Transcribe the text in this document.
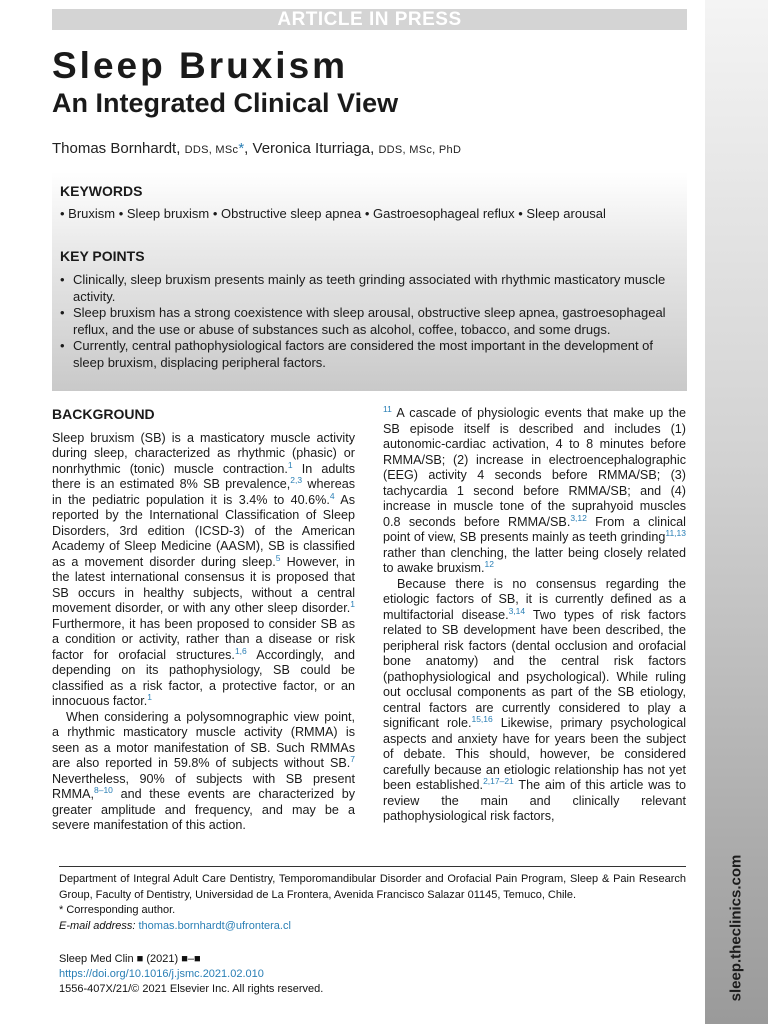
ARTICLE IN PRESS
sleep.theclinics.com
Sleep Bruxism
An Integrated Clinical View
Thomas Bornhardt, DDS, MSc*, Veronica Iturriaga, DDS, MSc, PhD
KEYWORDS
• Bruxism • Sleep bruxism • Obstructive sleep apnea • Gastroesophageal reflux • Sleep arousal
KEY POINTS
• Clinically, sleep bruxism presents mainly as teeth grinding associated with rhythmic masticatory muscle activity.
• Sleep bruxism has a strong coexistence with sleep arousal, obstructive sleep apnea, gastroesophageal reflux, and the use or abuse of substances such as alcohol, coffee, tobacco, and some drugs.
• Currently, central pathophysiological factors are considered the most important in the development of sleep bruxism, displacing peripheral factors.
BACKGROUND

Sleep bruxism (SB) is a masticatory muscle activity during sleep, characterized as rhythmic (phasic) or nonrhythmic (tonic) muscle contraction.$^1$ In adults there is an estimated 8% SB prevalence,$^{2,3}$ whereas in the pediatric population it is 3.4% to 40.6%.$^4$ As reported by the International Classification of Sleep Disorders, 3rd edition (ICSD-3) of the American Academy of Sleep Medicine (AASM), SB is classified as a movement disorder during sleep.$^5$ However, in the latest international consensus it is proposed that SB occurs in healthy subjects, without a central movement disorder, or with any other sleep disorder.$^1$ Furthermore, it has been proposed to consider SB as a condition or activity, rather than a disease or risk factor for orofacial structures.$^{1,6}$ Accordingly, and depending on its pathophysiology, SB could be classified as a risk factor, a protective factor, or an innocuous factor.$^1$

When considering a polysomnographic view point, a rhythmic masticatory muscle activity (RMMA) is seen as a motor manifestation of SB. Such RMMAs are also reported in 59.8% of subjects without SB.$^7$ Nevertheless, 90% of subjects with SB present RMMA,$^{8-10}$ and these events are characterized by greater amplitude and frequency, and may be a severe manifestation of this action.

$^{11}$ A cascade of physiologic events that make up the SB episode itself is described and includes (1) autonomic-cardiac activation, 4 to 8 minutes before RMMA/SB; (2) increase in electroencephalographic (EEG) activity 4 seconds before RMMA/SB; (3) tachycardia 1 second before RMMA/SB; and (4) increase in muscle tone of the suprahyoid muscles 0.8 seconds before RMMA/SB.$^{3,12}$ From a clinical point of view, SB presents mainly as teeth grinding$^{11,13}$ rather than clenching, the latter being closely related to awake bruxism.$^{12}$

Because there is no consensus regarding the etiologic factors of SB, it is currently defined as a multifactorial disease.$^{3,14}$ Two types of risk factors related to SB development have been described, the peripheral risk factors (dental occlusion and orofacial bone anatomy) and the central risk factors (pathophysiological and psychological). While ruling out occlusal components as part of the SB etiology, central factors are currently considered to play a significant role.$^{15,16}$ Likewise, primary psychological aspects and anxiety have for years been the subject of debate. This should, however, be considered carefully because an etiologic relationship has not yet been established.$^{2,17-21}$ The aim of this article was to review the main and clinically relevant pathophysiological risk factors,

Department of Integral Adult Care Dentistry, Temporomandibular Disorder and Orofacial Pain Program, Sleep & Pain Research Group, Faculty of Dentistry, Universidad de La Frontera, Avenida Francisco Salazar 01145, Temuco, Chile.

* Corresponding author.

E-mail address: thomas.bornhardt@ufrontera.cl

Sleep Med Clin ■ (2021) ■–■

https://doi.org/10.1016/j.jsmc.2021.02.010

1556-407X/21/© 2021 Elsevier Inc. All rights reserved.
